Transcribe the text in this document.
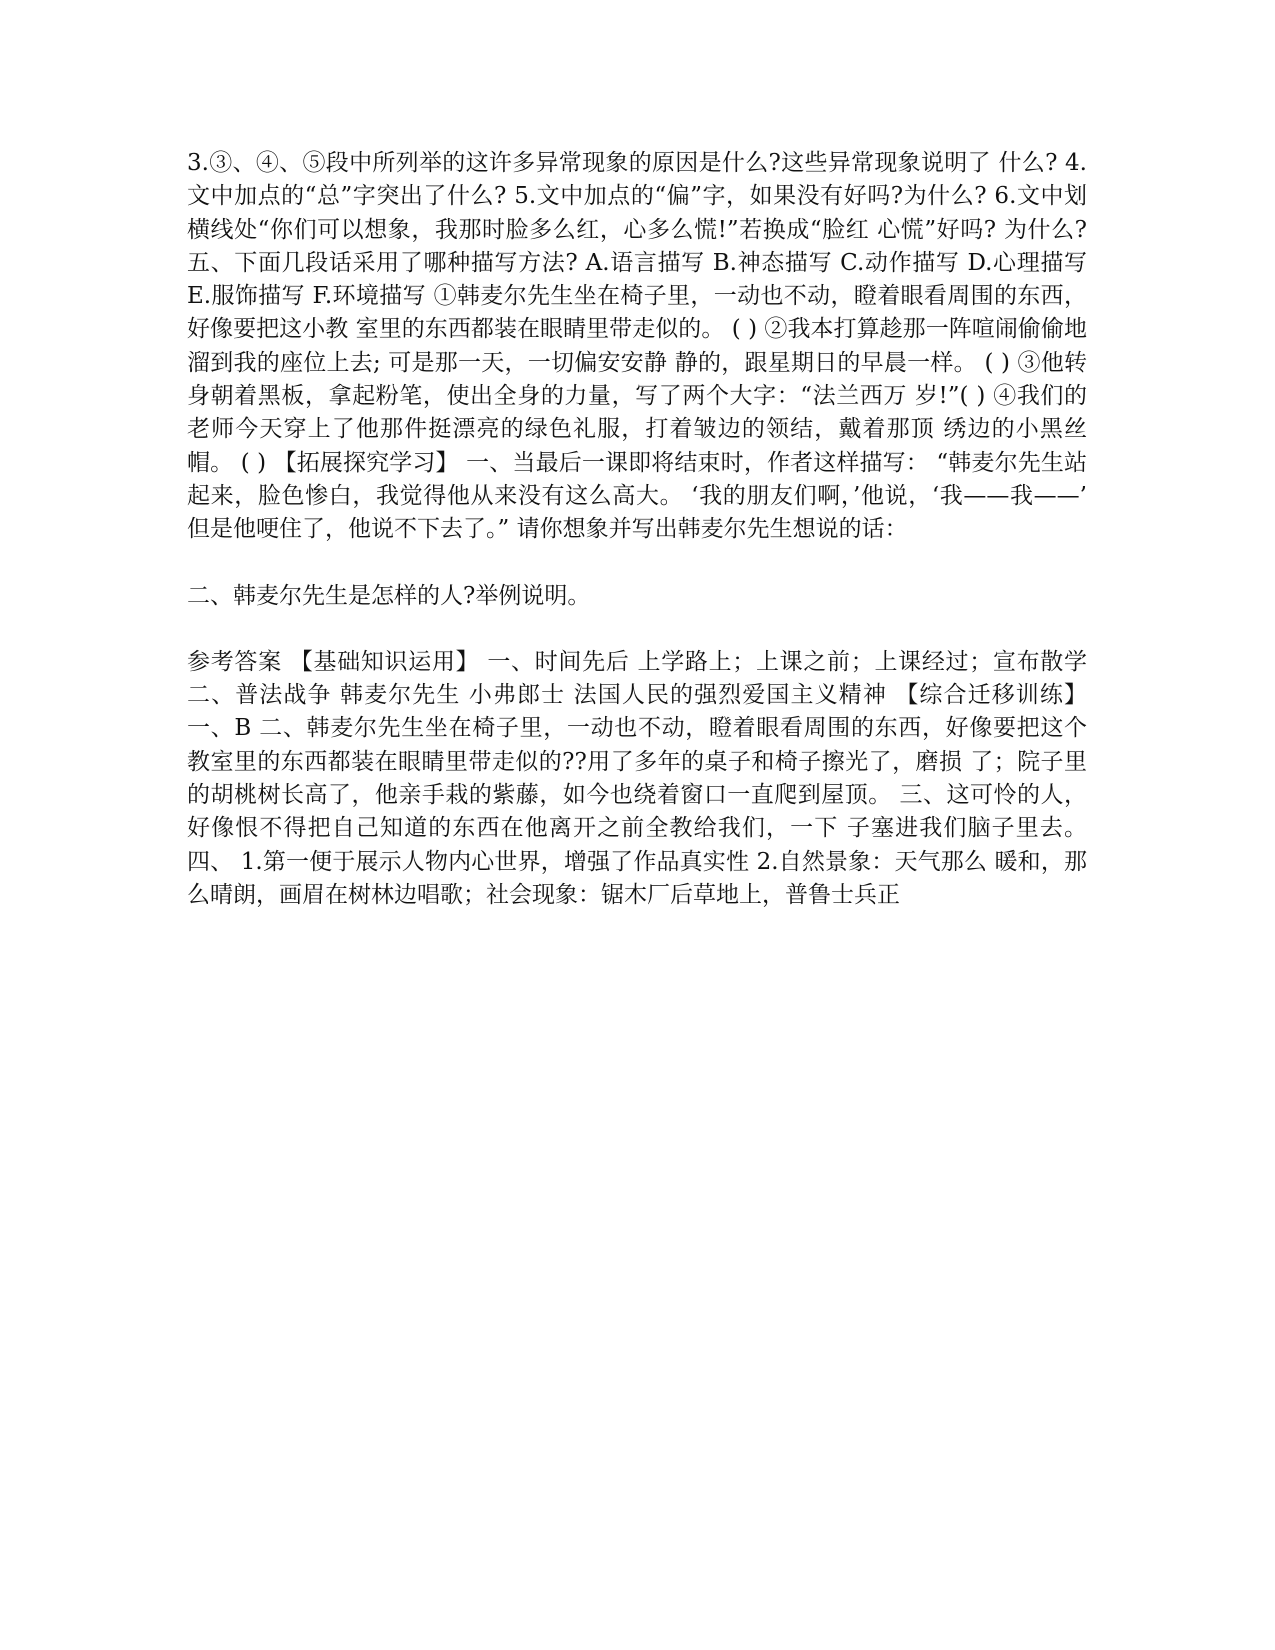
3.③、④、⑤段中所列举的这许多异常现象的原因是什么?这些异常现象说明了 什么? 4.文中加点的“总”字突出了什么? 5.文中加点的“偏”字，如果没有好吗?为什么? 6.文中划横线处“你们可以想象，我那时脸多么红，心多么慌!”若换成“脸红 心慌”好吗? 为什么? 五、下面几段话采用了哪种描写方法? A.语言描写 B.神态描写 C.动作描写 D.心理描写 E.服饰描写 F.环境描写 ①韩麦尔先生坐在椅子里，一动也不动，瞪着眼看周围的东西，好像要把这小教 室里的东西都装在眼睛里带走似的。 ( ) ②我本打算趁那一阵喧闹偷偷地溜到我的座位上去; 可是那一天，一切偏安安静 静的，跟星期日的早晨一样。 ( ) ③他转身朝着黑板，拿起粉笔，使出全身的力量，写了两个大字：“法兰西万 岁!”( ) ④我们的老师今天穿上了他那件挺漂亮的绿色礼服，打着皱边的领结，戴着那顶 绣边的小黑丝帽。 ( ) 【拓展探究学习】 一、当最后一课即将结束时，作者这样描写： “韩麦尔先生站起来，脸色惨白，我觉得他从来没有这么高大。 ‘我的朋友们啊，’他说，‘我——我——’ 但是他哽住了，他说不下去了。” 请你想象并写出韩麦尔先生想说的话：

二、韩麦尔先生是怎样的人?举例说明。

参考答案 【基础知识运用】 一、时间先后 上学路上；上课之前；上课经过；宣布散学 二、普法战争 韩麦尔先生 小弗郎士 法国人民的强烈爱国主义精神 【综合迁移训练】 一、B 二、韩麦尔先生坐在椅子里，一动也不动，瞪着眼看周围的东西，好像要把这个 教室里的东西都装在眼睛里带走似的??用了多年的桌子和椅子擦光了，磨损 了；院子里的胡桃树长高了，他亲手栽的紫藤，如今也绕着窗口一直爬到屋顶。 三、这可怜的人，好像恨不得把自己知道的东西在他离开之前全教给我们，一下 子塞进我们脑子里去。 四、 1.第一便于展示人物内心世界，增强了作品真实性 2.自然景象：天气那么 暖和，那么晴朗，画眉在树林边唱歌；社会现象：锯木厂后草地上，普鲁士兵正
